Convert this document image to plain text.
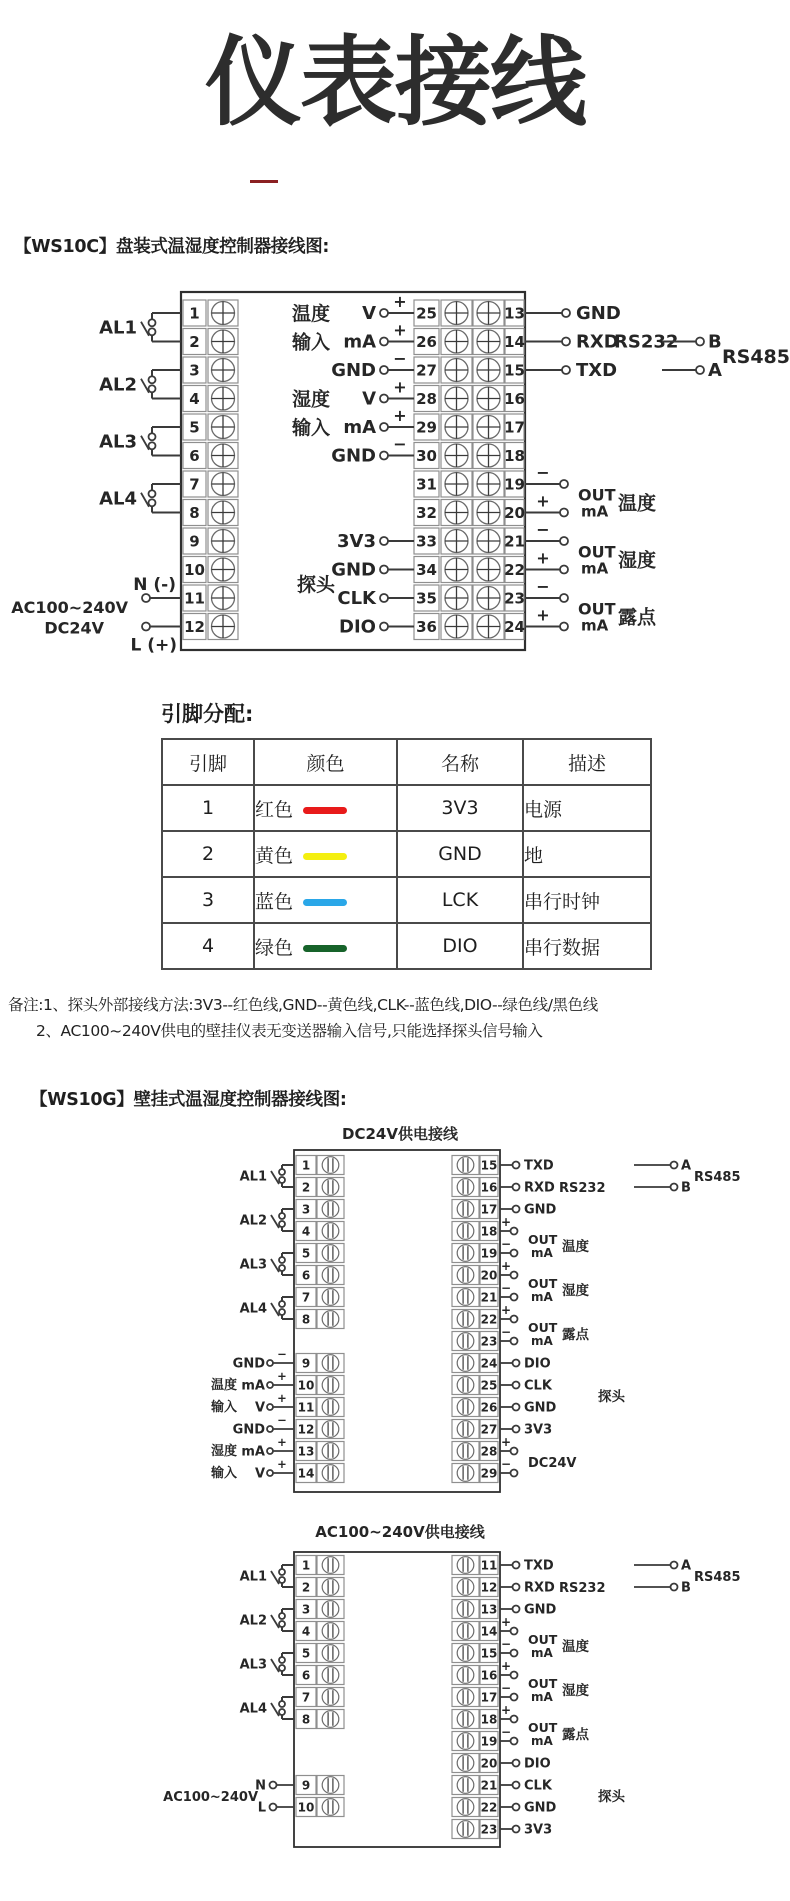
仪表接线
【WS10C】盘装式温湿度控制器接线图:
1	25	13
2	26	14
3	27	15
4	28	16
5	29	17
6	30	18
7	31	19
8	32	20
9	33	21
10	34	22
11	35	23
12	36	24
V
+
mA
+
GND
−
温度
输入
V
+
mA
+
GND
−
湿度
输入
3V3
GND
CLK
DIO
探头
GND
RXD
TXD
RS232 B
A
RS485
−
+ OUT
mA 温度
−
+ OUT
mA 湿度
−
+ OUT
mA 露点
AL1
AL2
AL3
AL4
N (-)
L (+)
AC100~240V
DC24V
引脚分配:
引脚	颜色	名称	描述
1	红色	3V3	电源
2	黄色	GND	地
3	蓝色	LCK	串行时钟
4	绿色	DIO	串行数据
备注:1、探头外部接线方法:3V3--红色线,GND--黄色线,CLK--蓝色线,DIO--绿色线/黑色线
2、AC100~240V供电的壁挂仪表无变送器输入信号,只能选择探头信号输入
【WS10G】壁挂式温湿度控制器接线图:
DC24V供电接线
1
2
3
4
5
6
7
8
9
10
11
12
13
14
15
16
17
18
19
20
21
22
23
24
25
26
27
28
29
AL1
AL2
AL3
AL4
TXD
RXD
GND
RS232
A
B
RS485
+
− OUT
mA 温度
+
− OUT
mA 湿度
+
− OUT
mA 露点
DIO
CLK
GND
3V3
探头
+
− DC24V
GND
−
mA
+
V
+
温度
输入
GND
−
mA
+
V
+
湿度
输入
AC100~240V供电接线
1
2
3
4
5
6
7
8
9
10
11
12
13
14
15
16
17
18
19
20
21
22
23
AL1
AL2
AL3
AL4
TXD
RXD
GND
RS232
A
B
RS485
+
− OUT
mA 温度
+
− OUT
mA 湿度
+
− OUT
mA 露点
DIO
CLK
GND
3V3
探头
N
L
AC100~240V
